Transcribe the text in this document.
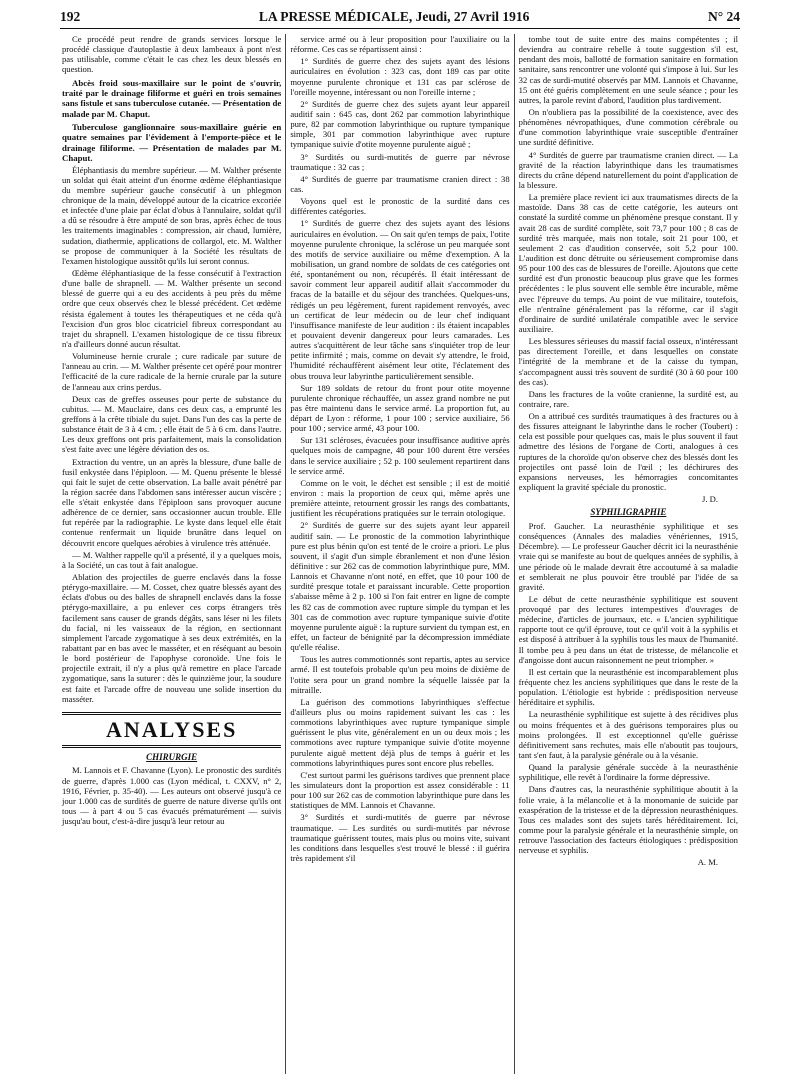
192	LA PRESSE MÉDICALE, Jeudi, 27 Avril 1916	N° 24

Ce procédé peut rendre de grands services lorsque le procédé classique d'autoplastie à deux lambeaux à pont n'est pas utilisable, comme c'était le cas chez les deux blessés en question.

Abcès froid sous-maxillaire sur le point de s'ouvrir, traité par le drainage filiforme et guéri en trois semaines sans fistule et sans tuberculose cutanée. — Présentation de malade par M. Chaput.
Tuberculose ganglionnaire sous-maxillaire guérie en quatre semaines par l'évidement à l'emporte-pièce et le drainage filiforme. — Présentation de malades par M. Chaput.

Éléphantiasis du membre supérieur. — M. Walther présente un soldat qui était atteint d'un énorme œdème éléphantiasique du membre supérieur gauche consécutif à un phlegmon chronique de la main, développé autour de la cicatrice excoriée et infectée d'une plaie par éclat d'obus à l'annulaire, soldat qu'il a dû se résoudre à être amputé de son bras, après échec de tous les traitements imaginables : compression, air chaud, lumière, sudation, diathermie, applications de collargol, etc. M. Walther se propose de communiquer à la Société les résultats de l'examen histologique aussitôt qu'ils lui seront connus.

Œdème éléphantiasique de la fesse consécutif à l'extraction d'une balle de shrapnell. — M. Walther présente un second blessé de guerre qui a eu des accidents à peu près du même ordre que ceux observés chez le blessé précédent. Cet œdème résista également à toutes les thérapeutiques et ne céda qu'à l'excision d'un gros bloc cicatriciel fibreux correspondant au trajet du shrapnell. L'examen histologique de ce tissu fibreux n'a d'ailleurs donné aucun résultat.

Volumineuse hernie crurale ; cure radicale par suture de l'anneau au crin. — M. Walther présente cet opéré pour montrer l'efficacité de la cure radicale de la hernie crurale par la suture de l'anneau aux crins perdus.

Deux cas de greffes osseuses pour perte de substance du cubitus. — M. Mauclaire, dans ces deux cas, a emprunté les greffons à la crête tibiale du sujet. Dans l'un des cas la perte de substance était de 3 à 4 cm. ; elle était de 5 à 6 cm. dans l'autre. Les deux greffons ont pris parfaitement, mais la consolidation s'est faite avec une légère déviation des os.

Extraction du ventre, un an après la blessure, d'une balle de fusil enkystée dans l'épiploon. — M. Quenu présente le blessé qui fait le sujet de cette observation. La balle avait pénétré par la région sacrée dans l'abdomen sans intéresser aucun viscère ; elle s'était enkystée dans l'épiploon sans provoquer aucune adhérence de ce dernier, sans occasionner aucun trouble. Elle fut repérée par la radiographie. Le kyste dans lequel elle était contenue renfermait un liquide brunâtre dans lequel on découvrit encore quelques aérobies à virulence très atténuée.

— M. Walther rappelle qu'il a présenté, il y a quelques mois, à la Société, un cas tout à fait analogue.

Ablation des projectiles de guerre enclavés dans la fosse ptérygo-maxillaire. — M. Cosset, chez quatre blessés ayant des éclats d'obus ou des balles de shrapnell enclavés dans la fosse ptérygo-maxillaire, a pu enlever ces corps étrangers très facilement sans causer de grands dégâts, sans léser ni les filets du facial, ni les vaisseaux de la région, en sectionnant simplement l'arcade zygomatique à ses deux extrémités, en la rabattant par en bas avec le masséter, et en réséquant au besoin le bord postérieur de l'apophyse coronoïde. Une fois le projectile extrait, il n'y a plus qu'à remettre en place l'arcade zygomatique, sans la suturer : dès le quinzième jour, la soudure est faite et l'arcade offre de nouveau une solide insertion du masséter.

ANALYSES
CHIRURGIE

M. Lannois et F. Chavanne (Lyon). Le pronostic des surdités de guerre, d'après 1.000 cas (Lyon médical, t. CXXV, n° 2, 1916, Février, p. 35-40). — Les auteurs ont observé jusqu'à ce jour 1.000 cas de surdités de guerre de nature diverse qu'ils ont tous — à part 4 ou 5 cas évacués prématurément — suivis jusqu'au bout, c'est-à-dire jusqu'à leur retour au

service armé ou à leur proposition pour l'auxiliaire ou la réforme. Ces cas se répartissent ainsi :

1° Surdités de guerre chez des sujets ayant des lésions auriculaires en évolution : 323 cas, dont 189 cas par otite moyenne purulente chronique et 131 cas par sclérose de l'oreille moyenne, intéressant ou non l'oreille interne ;

2° Surdités de guerre chez des sujets ayant leur appareil auditif sain : 645 cas, dont 262 par commotion labyrinthique pure, 82 par commotion labyrinthique ou rupture tympanique simple, 301 par commotion labyrinthique avec rupture tympanique suivie d'otite moyenne purulente aiguë ;

3° Surdités ou surdi-mutités de guerre par névrose traumatique : 32 cas ;

4° Surdités de guerre par traumatisme cranien direct : 38 cas.

Voyons quel est le pronostic de la surdité dans ces différentes catégories.

1° Surdités de guerre chez des sujets ayant des lésions auriculaires en évolution. — On sait qu'en temps de paix, l'otite moyenne purulente chronique, la sclérose un peu marquée sont des motifs de service auxiliaire ou même d'exemption. A la mobilisation, un grand nombre de soldats de ces catégories ont été, spontanément ou non, récupérés. Il était intéressant de savoir comment leur appareil auditif allait s'accommoder du fracas de la bataille et du séjour des tranchées. Quelques-uns, rédigés un peu légèrement, furent rapidement renvoyés, avec un certificat de leur médecin ou de leur chef indiquant l'insuffisance manifeste de leur audition : ils étaient incapables et pouvaient devenir dangereux pour leurs camarades. Les autres s'acquittèrent de leur tâche sans s'inquiéter trop de leur petite infirmité ; mais, comme on devait s'y attendre, le froid, l'humidité réchauffèrent aisément leur otite, l'éclatement des obus trouva leur labyrinthe particulièrement sensible.

Sur 189 soldats de retour du front pour otite moyenne purulente chronique réchauffée, un assez grand nombre ne put pas être maintenu dans le service armé. La proportion fut, au départ de Lyon : réforme, 1 pour 100 ; service auxiliaire, 56 pour 100 ; service armé, 43 pour 100.

Sur 131 scléroses, évacuées pour insuffisance auditive après quelques mois de campagne, 48 pour 100 durent être versées dans le service auxiliaire ; 52 p. 100 seulement repartirent dans le service armé.

Comme on le voit, le déchet est sensible ; il est de moitié environ : mais la proportion de ceux qui, même après une première atteinte, retournent grossir les rangs des combattants, justifient les récupérations pratiquées sur le terrain otologique.

2° Surdités de guerre sur des sujets ayant leur appareil auditif sain. — Le pronostic de la commotion labyrinthique pure est plus bénin qu'on est tenté de le croire a priori. Le plus souvent, il s'agit d'un simple ébranlement et non d'une lésion définitive : sur 262 cas de commotion labyrinthique pure, MM. Lannois et Chavanne n'ont noté, en effet, que 10 pour 100 de surdité presque totale et paraissant incurable. Cette proportion s'abaisse même à 2 p. 100 si l'on fait entrer en ligne de compte les 82 cas de commotion avec rupture simple du tympan et les 301 cas de commotion avec rupture tympanique suivie d'otite moyenne purulente aiguë : la rupture survient du tympan est, en effet, un facteur de bénignité par la décompression immédiate qu'elle réalise.

Tous les autres commotionnés sont repartis, aptes au service armé. Il est toutefois probable qu'un peu moins de dixième de l'otite sera pour un grand nombre la séquelle laissée par la mitraille.

La guérison des commotions labyrinthiques s'effectue d'ailleurs plus ou moins rapidement suivant les cas : les commotions labyrinthiques avec rupture tympanique simple guérissent le plus vite, généralement en un ou deux mois ; les commotions avec rupture tympanique suivie d'otite moyenne purulente aiguë mettent déjà plus de temps à guérir et les commotions labyrinthiques pures sont encore plus rebelles.

C'est surtout parmi les guérisons tardives que prennent place les simulateurs dont la proportion est assez considérable : 11 pour 100 sur 262 cas de commotion labyrinthique pure dans les statistiques de MM. Lannois et Chavanne.

3° Surdités et surdi-mutités de guerre par névrose traumatique. — Les surdités ou surdi-mutités par névrose traumatique guérissent toutes, mais plus ou moins vite, suivant les conditions dans lesquelles s'est trouvé le blessé : il guérira très rapidement s'il

tombe tout de suite entre des mains compétentes ; il deviendra au contraire rebelle à toute suggestion s'il est, pendant des mois, ballotté de formation sanitaire en formation sanitaire, sans rencontrer une volonté qui s'impose à lui. Sur les 32 cas de surdi-mutité observés par MM. Lannois et Chavanne, 15 ont été guéris complètement en une seule séance ; pour les autres, la parole revint d'abord, l'audition plus tardivement.

On n'oubliera pas la possibilité de la coexistence, avec des phénomènes névropathiques, d'une commotion cérébrale ou d'une commotion labyrinthique vraie susceptible d'entraîner une surdité définitive.

4° Surdités de guerre par traumatisme cranien direct. — La gravité de la réaction labyrinthique dans les traumatismes directs du crâne dépend naturellement du point d'application de la blessure.

La première place revient ici aux traumatismes directs de la mastoïde. Dans 38 cas de cette catégorie, les auteurs ont constaté la surdité comme un phénomène presque constant. Il y avait 28 cas de surdité complète, soit 73,7 pour 100 ; 8 cas de surdité très marquée, mais non totale, soit 21 pour 100, et seulement 2 cas d'audition conservée, soit 5,2 pour 100. L'audition est donc détruite ou sérieusement compromise dans 95 pour 100 des cas de blessures de l'oreille. Ajoutons que cette surdité est d'un pronostic beaucoup plus grave que les formes précédentes : le plus souvent elle semble être incurable, même avec l'épreuve du temps. Au point de vue militaire, toutefois, elle n'entraîne généralement pas la réforme, car il s'agit d'ordinaire de surdité unilatérale compatible avec le service auxiliaire.

Les blessures sérieuses du massif facial osseux, n'intéressant pas directement l'oreille, et dans lesquelles on constate l'intégrité de la membrane et de la caisse du tympan, s'accompagnent aussi très souvent de surdité (30 à 60 pour 100 des cas).

Dans les fractures de la voûte cranienne, la surdité est, au contraire, rare.

On a attribué ces surdités traumatiques à des fractures ou à des fissures atteignant le labyrinthe dans le rocher (Toubert) : cela est possible pour quelques cas, mais le plus souvent il faut admettre des lésions de l'organe de Corti, analogues à ces ruptures de la choroïde qu'on observe chez des blessés dont les projectiles ont passé loin de l'œil ; les déchirures des expansions nerveuses, les hémorragies concomitantes expliquent la gravité spéciale du pronostic.

J. D.

SYPHILIGRAPHIE

Prof. Gaucher. La neurasthénie syphilitique et ses conséquences (Annales des maladies vénériennes, 1915, Décembre). — Le professeur Gaucher décrit ici la neurasthénie vraie qui se manifeste au bout de quelques années de syphilis, à une période où le malade devrait être accoutumé à sa maladie et semblerait ne plus pouvoir être troublé par l'idée de sa gravité.

Le début de cette neurasthénie syphilitique est souvent provoqué par des lectures intempestives d'ouvrages de médecine, d'articles de journaux, etc. « L'ancien syphilitique rapporte tout ce qu'il éprouve, tout ce qu'il voit à la syphilis et est disposé à attribuer à la syphilis tous les maux de l'humanité. Il tombe peu à peu dans un état de tristesse, de mélancolie et d'angoisse dont aucun raisonnement ne peut triompher. »

Il est certain que la neurasthénie est incomparablement plus fréquente chez les anciens syphilitiques que dans le reste de la population. L'étiologie est hybride : prédisposition nerveuse héréditaire et syphilis.

La neurasthénie syphilitique est sujette à des récidives plus ou moins fréquentes et à des guérisons temporaires plus ou moins prolongées. Il est exceptionnel qu'elle guérisse définitivement sans rechutes, mais elle n'aboutit pas toujours, tant s'en faut, à la paralysie générale ou à la vésanie.

Quand la paralysie générale succède à la neurasthénie syphilitique, elle revêt à l'ordinaire la forme dépressive.

Dans d'autres cas, la neurasthénie syphilitique aboutit à la folie vraie, à la mélancolie et à la monomanie de suicide par exaspération de la tristesse et de la dépression neurasthéniques. Tous ces malades sont des sujets tarés héréditairement. Ici, comme pour la paralysie générale et la neurasthénie simple, on retrouve l'association des facteurs étiologiques : prédisposition nerveuse et syphilis.

A. M.
